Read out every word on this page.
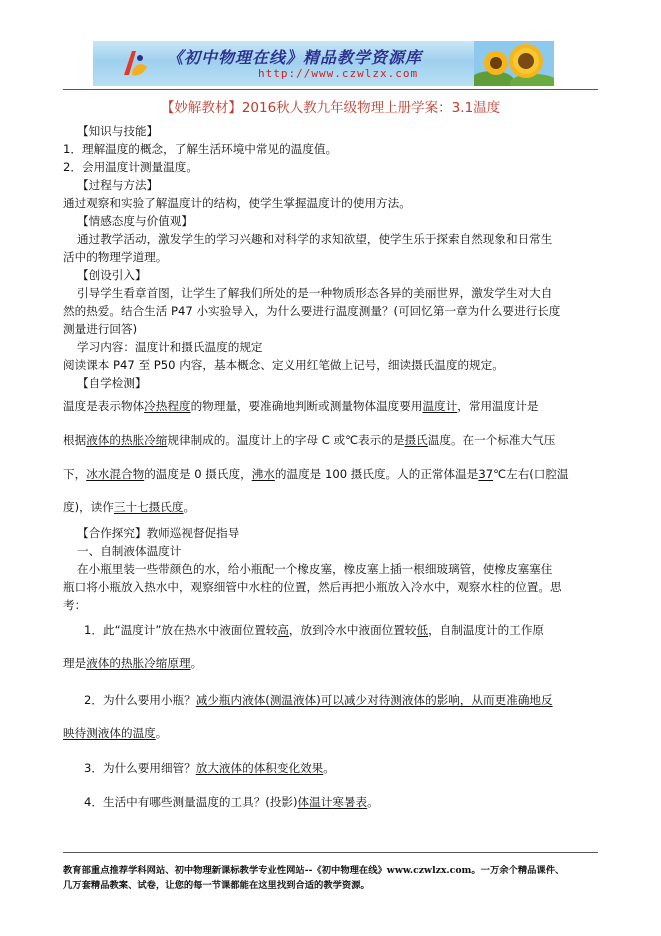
《初中物理在线》精品教学资源库
http://www.czwlzx.com
【妙解教材】2016秋人教九年级物理上册学案：3.1温度
【知识与技能】
1．理解温度的概念，了解生活环境中常见的温度值。
2．会用温度计测量温度。
【过程与方法】
通过观察和实验了解温度计的结构，使学生掌握温度计的使用方法。
【情感态度与价值观】
通过教学活动，激发学生的学习兴趣和对科学的求知欲望，使学生乐于探索自然现象和日常生
活中的物理学道理。
【创设引入】
引导学生看章首图，让学生了解我们所处的是一种物质形态各异的美丽世界，激发学生对大自
然的热爱。结合生活 P47 小实验导入，为什么要进行温度测量？(可回忆第一章为什么要进行长度
测量进行回答)
学习内容：温度计和摄氏温度的规定
阅读课本 P47 至 P50 内容，基本概念、定义用红笔做上记号，细读摄氏温度的规定。
【自学检测】
温度是表示物体冷热程度的物理量，要准确地判断或测量物体温度要用温度计，常用温度计是
根据液体的热胀冷缩规律制成的。温度计上的字母 C 或℃表示的是摄氏温度。在一个标准大气压
下，冰水混合物的温度是 0 摄氏度，沸水的温度是 100 摄氏度。人的正常体温是37℃左右(口腔温
度)，读作三十七摄氏度。
【合作探究】教师巡视督促指导
一、自制液体温度计
在小瓶里装一些带颜色的水，给小瓶配一个橡皮塞，橡皮塞上插一根细玻璃管，使橡皮塞塞住
瓶口将小瓶放入热水中，观察细管中水柱的位置，然后再把小瓶放入冷水中，观察水柱的位置。思
考：
1．此“温度计”放在热水中液面位置较高，放到冷水中液面位置较低，自制温度计的工作原
理是液体的热胀冷缩原理。
2．为什么要用小瓶？减少瓶内液体(测温液体)可以减少对待测液体的影响，从而更准确地反
映待测液体的温度。
3．为什么要用细管？放大液体的体积变化效果。
4．生活中有哪些测量温度的工具？(投影)体温计寒暑表。
教育部重点推荐学科网站、初中物理新课标教学专业性网站--《初中物理在线》www.czwlzx.com。一万余个精品课件、
几万套精品教案、试卷，让您的每一节课都能在这里找到合适的教学资源。
